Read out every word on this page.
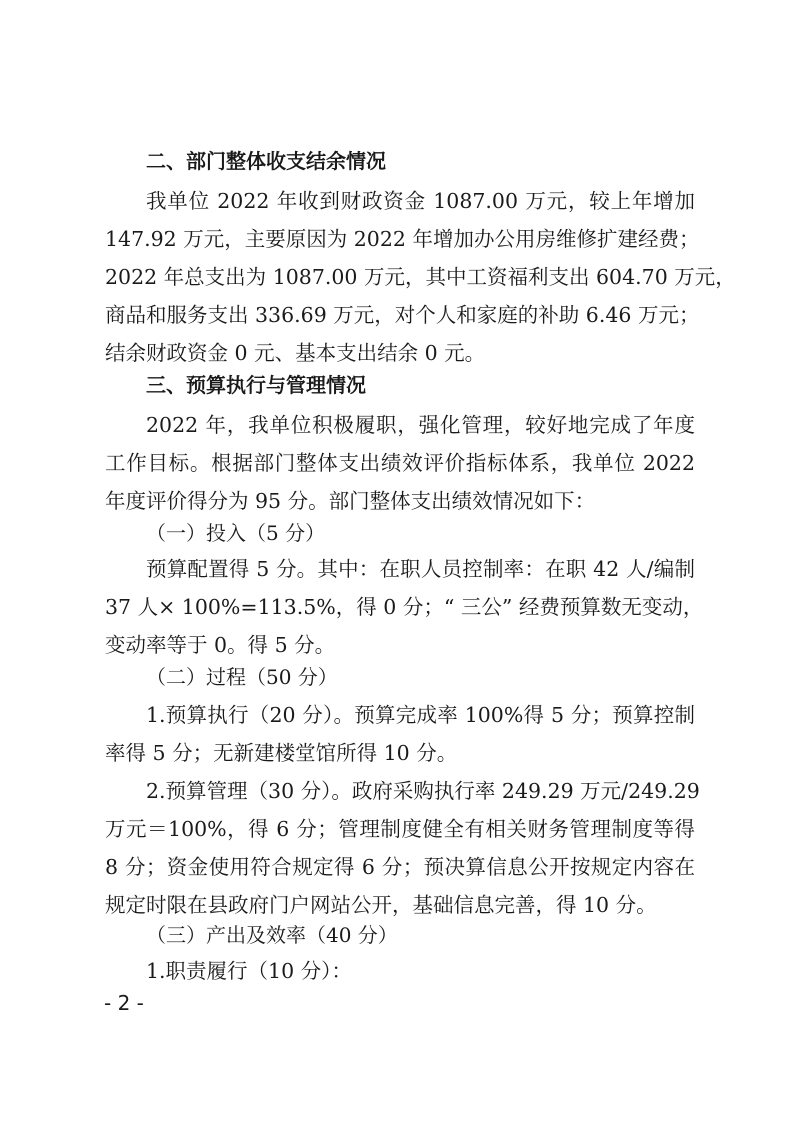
二、部门整体收支结余情况
我单位 2022 年收到财政资金 1087.00 万元，较上年增加
147.92 万元，主要原因为 2022 年增加办公用房维修扩建经费；
2022 年总支出为 1087.00 万元，其中工资福利支出 604.70 万元，
商品和服务支出 336.69 万元，对个人和家庭的补助 6.46 万元；
结余财政资金 0 元、基本支出结余 0 元。
三、预算执行与管理情况
2022 年，我单位积极履职，强化管理，较好地完成了年度
工作目标。根据部门整体支出绩效评价指标体系，我单位 2022
年度评价得分为 95 分。部门整体支出绩效情况如下：
（一）投入（5 分）
预算配置得 5 分。其中：在职人员控制率：在职 42 人/编制
37 人× 100%=113.5%，得 0 分；“ 三公” 经费预算数无变动，
变动率等于 0。得 5 分。
（二）过程（50 分）
1.预算执行（20 分）。预算完成率 100%得 5 分；预算控制
率得 5 分；无新建楼堂馆所得 10 分。
2.预算管理（30 分）。政府采购执行率 249.29 万元/249.29
万元＝100%，得 6 分；管理制度健全有相关财务管理制度等得
8 分；资金使用符合规定得 6 分；预决算信息公开按规定内容在
规定时限在县政府门户网站公开，基础信息完善，得 10 分。
（三）产出及效率（40 分）
1.职责履行（10 分）：
- 2 -
